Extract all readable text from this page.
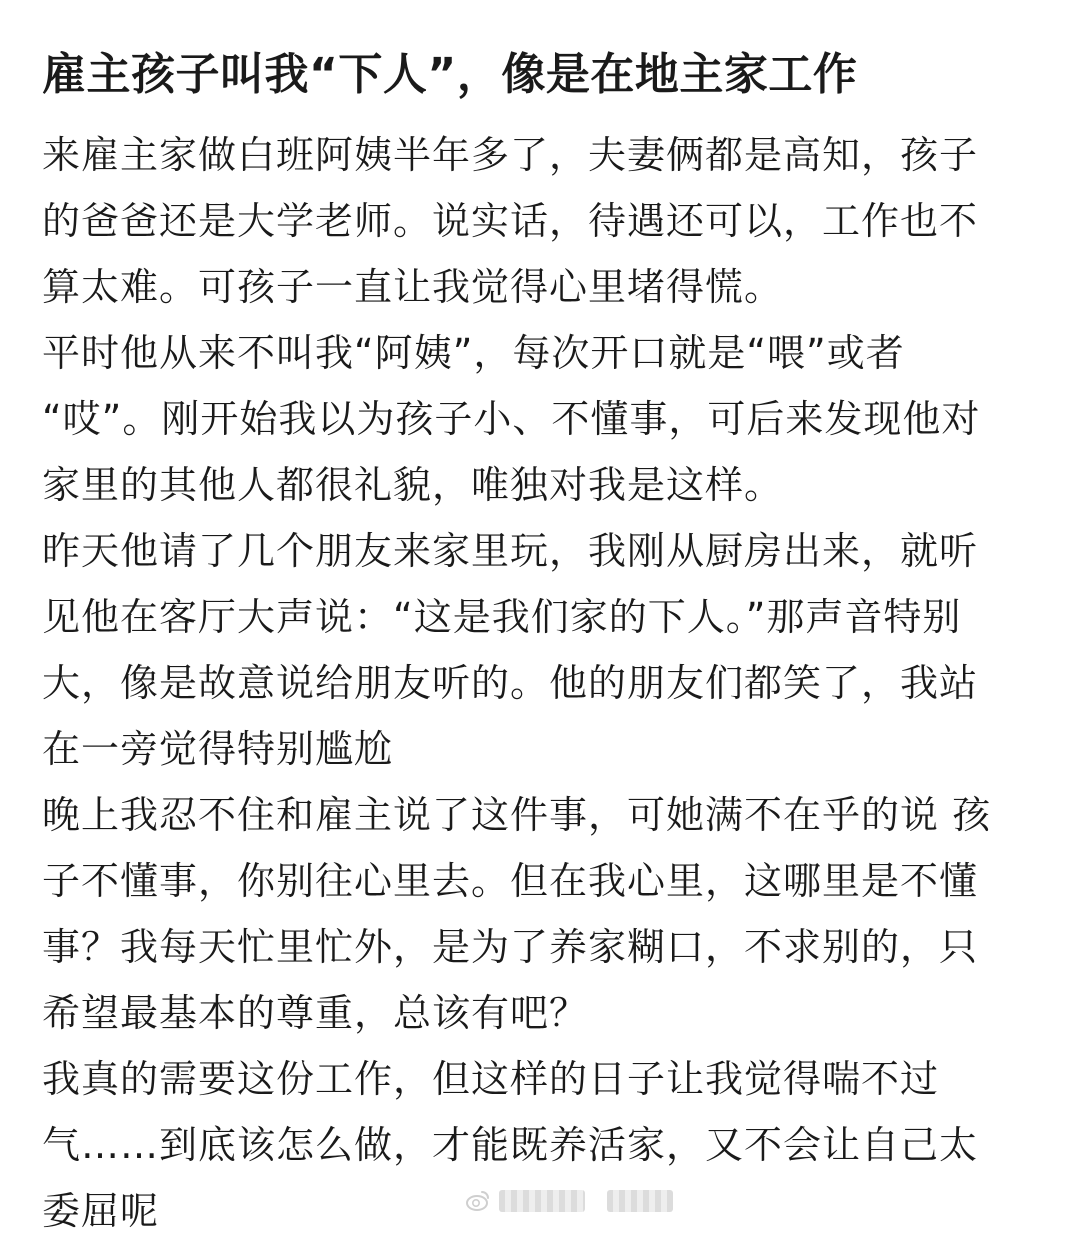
雇主孩子叫我“下人”，像是在地主家工作
来雇主家做白班阿姨半年多了，夫妻俩都是高知，孩子
的爸爸还是大学老师。说实话，待遇还可以，工作也不
算太难。可孩子一直让我觉得心里堵得慌。
平时他从来不叫我“阿姨”，每次开口就是“喂”或者
“哎”。刚开始我以为孩子小、不懂事，可后来发现他对
家里的其他人都很礼貌，唯独对我是这样。
昨天他请了几个朋友来家里玩，我刚从厨房出来，就听
见他在客厅大声说：“这是我们家的下人。”那声音特别
大，像是故意说给朋友听的。他的朋友们都笑了，我站
在一旁觉得特别尴尬
晚上我忍不住和雇主说了这件事，可她满不在乎的说 孩
子不懂事，你别往心里去。但在我心里，这哪里是不懂
事？我每天忙里忙外，是为了养家糊口，不求别的，只
希望最基本的尊重，总该有吧？
我真的需要这份工作，但这样的日子让我觉得喘不过
气……到底该怎么做，才能既养活家，又不会让自己太
委屈呢
